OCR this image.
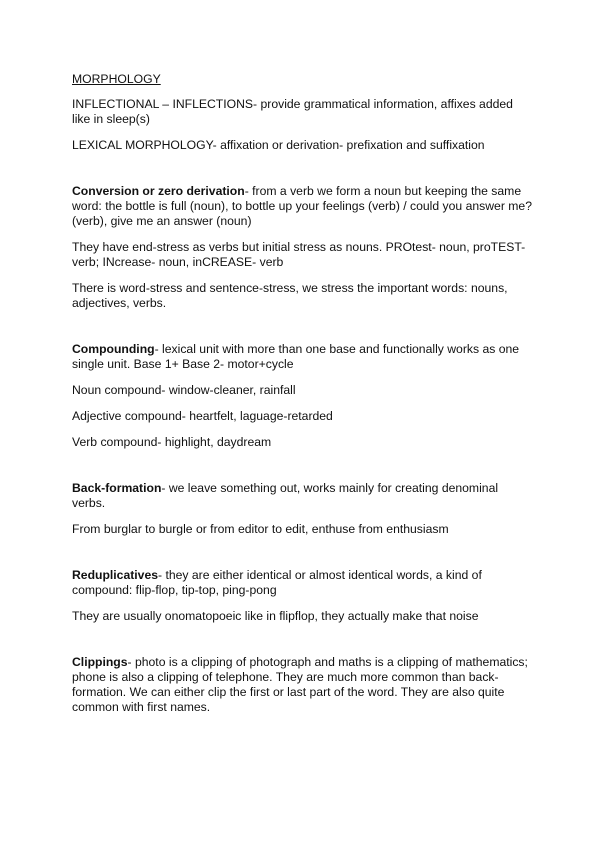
MORPHOLOGY

INFLECTIONAL – INFLECTIONS- provide grammatical information, affixes added like in sleep(s)

LEXICAL MORPHOLOGY- affixation or derivation- prefixation and suffixation

Conversion or zero derivation- from a verb we form a noun but keeping the same word: the bottle is full (noun), to bottle up your feelings (verb) / could you answer me? (verb), give me an answer (noun)

They have end-stress as verbs but initial stress as nouns. PROtest- noun, proTEST-verb; INcrease- noun, inCREASE- verb

There is word-stress and sentence-stress, we stress the important words: nouns, adjectives, verbs.

Compounding- lexical unit with more than one base and functionally works as one single unit. Base 1+ Base 2- motor+cycle

Noun compound- window-cleaner, rainfall

Adjective compound- heartfelt, laguage-retarded

Verb compound- highlight, daydream

Back-formation- we leave something out, works mainly for creating denominal verbs.

From burglar to burgle or from editor to edit, enthuse from enthusiasm

Reduplicatives- they are either identical or almost identical words, a kind of compound: flip-flop, tip-top, ping-pong

They are usually onomatopoeic like in flipflop, they actually make that noise

Clippings- photo is a clipping of photograph and maths is a clipping of mathematics; phone is also a clipping of telephone. They are much more common than back-formation. We can either clip the first or last part of the word. They are also quite common with first names.
